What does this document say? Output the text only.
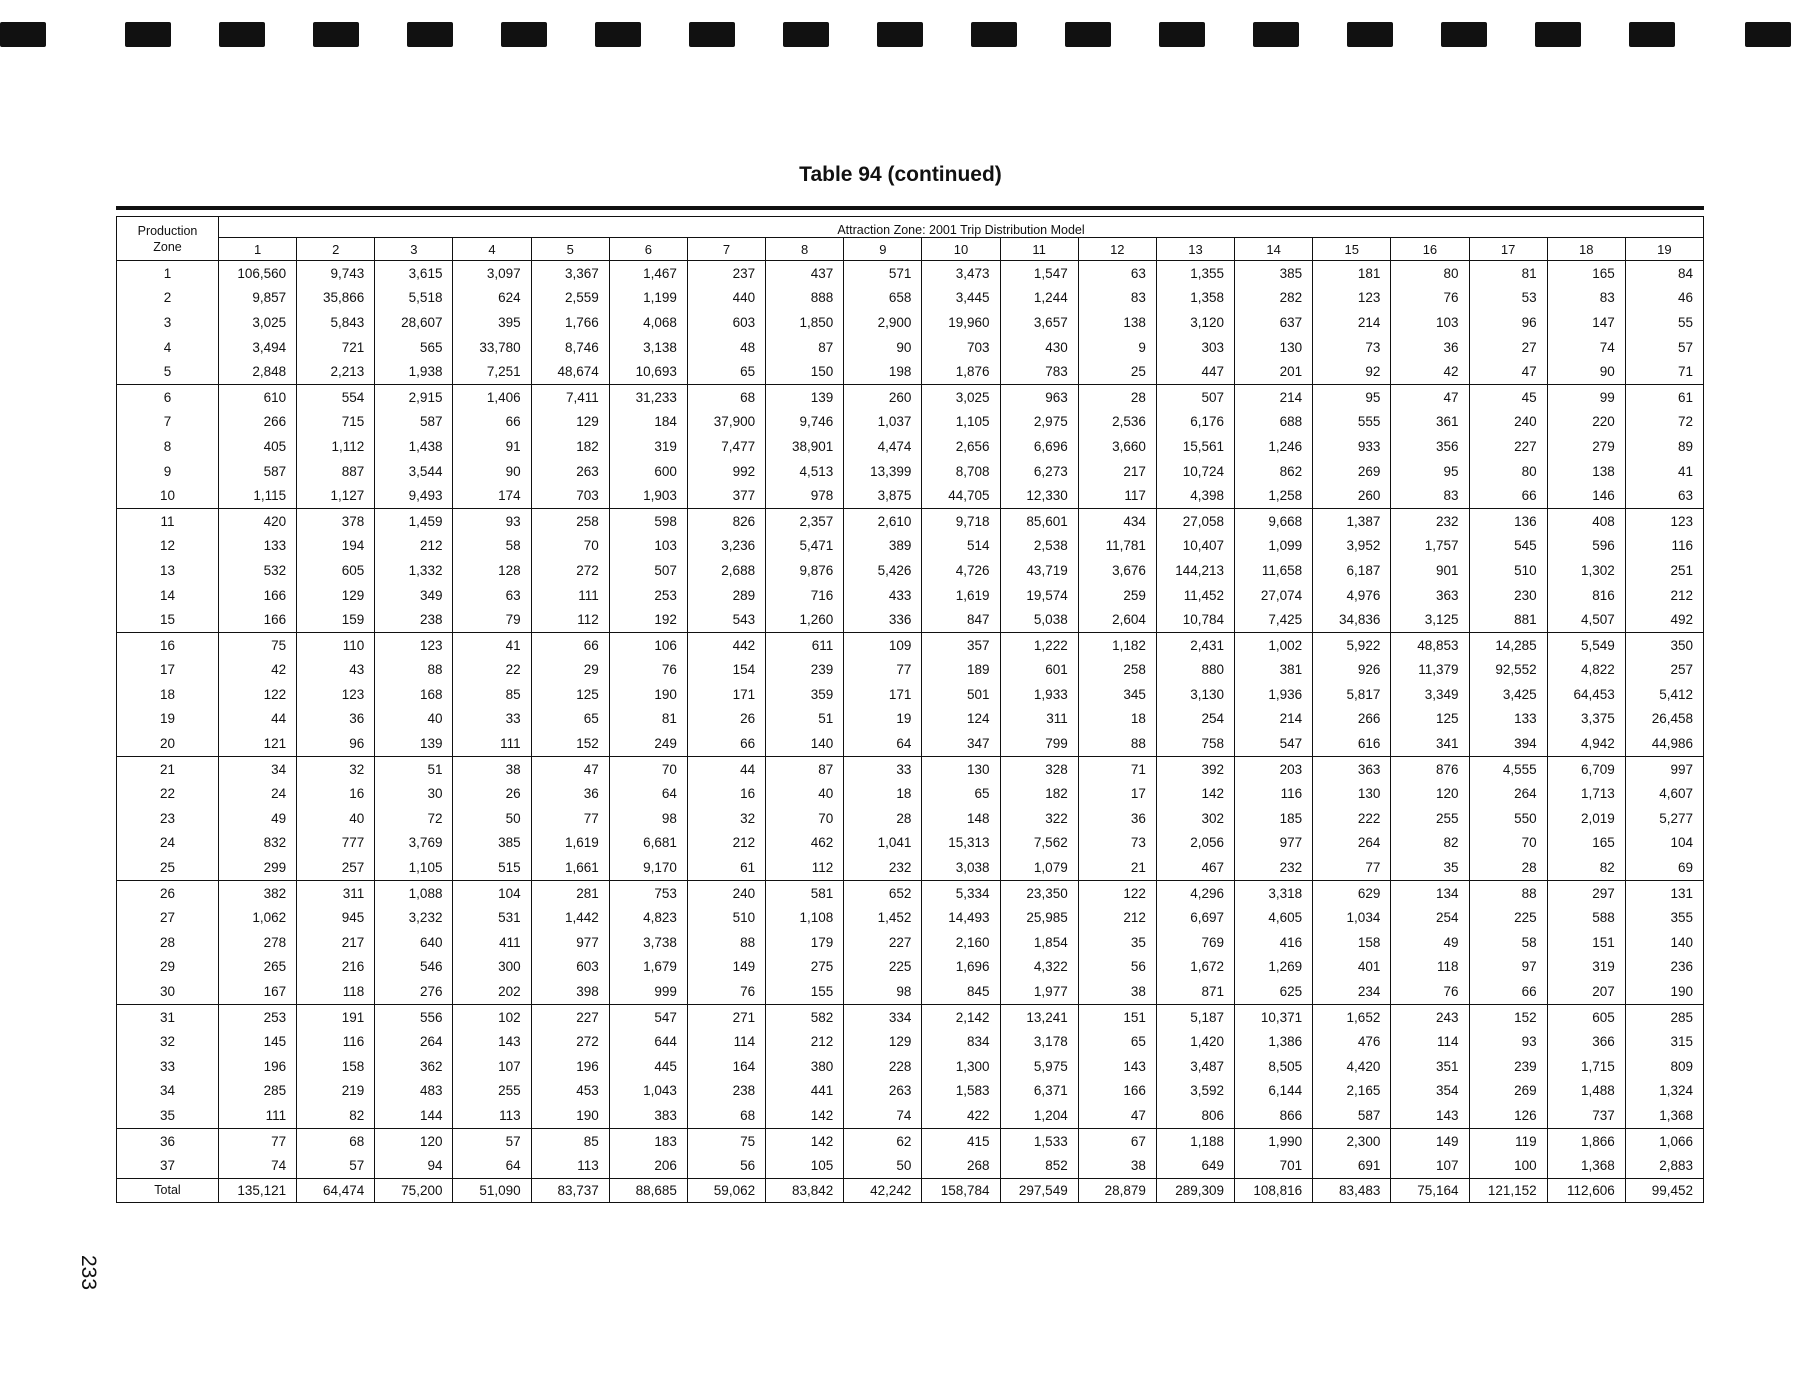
Table 94 (continued)
Production
Zone	Attraction Zone: 2001 Trip Distribution Model																		
	1	2	3	4	5	6	7	8	9	10	11	12	13	14	15	16	17	18	19
1	106,560	9,743	3,615	3,097	3,367	1,467	237	437	571	3,473	1,547	63	1,355	385	181	80	81	165	84
2	9,857	35,866	5,518	624	2,559	1,199	440	888	658	3,445	1,244	83	1,358	282	123	76	53	83	46
3	3,025	5,843	28,607	395	1,766	4,068	603	1,850	2,900	19,960	3,657	138	3,120	637	214	103	96	147	55
4	3,494	721	565	33,780	8,746	3,138	48	87	90	703	430	9	303	130	73	36	27	74	57
5	2,848	2,213	1,938	7,251	48,674	10,693	65	150	198	1,876	783	25	447	201	92	42	47	90	71
6	610	554	2,915	1,406	7,411	31,233	68	139	260	3,025	963	28	507	214	95	47	45	99	61
7	266	715	587	66	129	184	37,900	9,746	1,037	1,105	2,975	2,536	6,176	688	555	361	240	220	72
8	405	1,112	1,438	91	182	319	7,477	38,901	4,474	2,656	6,696	3,660	15,561	1,246	933	356	227	279	89
9	587	887	3,544	90	263	600	992	4,513	13,399	8,708	6,273	217	10,724	862	269	95	80	138	41
10	1,115	1,127	9,493	174	703	1,903	377	978	3,875	44,705	12,330	117	4,398	1,258	260	83	66	146	63
11	420	378	1,459	93	258	598	826	2,357	2,610	9,718	85,601	434	27,058	9,668	1,387	232	136	408	123
12	133	194	212	58	70	103	3,236	5,471	389	514	2,538	11,781	10,407	1,099	3,952	1,757	545	596	116
13	532	605	1,332	128	272	507	2,688	9,876	5,426	4,726	43,719	3,676	144,213	11,658	6,187	901	510	1,302	251
14	166	129	349	63	111	253	289	716	433	1,619	19,574	259	11,452	27,074	4,976	363	230	816	212
15	166	159	238	79	112	192	543	1,260	336	847	5,038	2,604	10,784	7,425	34,836	3,125	881	4,507	492
16	75	110	123	41	66	106	442	611	109	357	1,222	1,182	2,431	1,002	5,922	48,853	14,285	5,549	350
17	42	43	88	22	29	76	154	239	77	189	601	258	880	381	926	11,379	92,552	4,822	257
18	122	123	168	85	125	190	171	359	171	501	1,933	345	3,130	1,936	5,817	3,349	3,425	64,453	5,412
19	44	36	40	33	65	81	26	51	19	124	311	18	254	214	266	125	133	3,375	26,458
20	121	96	139	111	152	249	66	140	64	347	799	88	758	547	616	341	394	4,942	44,986
21	34	32	51	38	47	70	44	87	33	130	328	71	392	203	363	876	4,555	6,709	997
22	24	16	30	26	36	64	16	40	18	65	182	17	142	116	130	120	264	1,713	4,607
23	49	40	72	50	77	98	32	70	28	148	322	36	302	185	222	255	550	2,019	5,277
24	832	777	3,769	385	1,619	6,681	212	462	1,041	15,313	7,562	73	2,056	977	264	82	70	165	104
25	299	257	1,105	515	1,661	9,170	61	112	232	3,038	1,079	21	467	232	77	35	28	82	69
26	382	311	1,088	104	281	753	240	581	652	5,334	23,350	122	4,296	3,318	629	134	88	297	131
27	1,062	945	3,232	531	1,442	4,823	510	1,108	1,452	14,493	25,985	212	6,697	4,605	1,034	254	225	588	355
28	278	217	640	411	977	3,738	88	179	227	2,160	1,854	35	769	416	158	49	58	151	140
29	265	216	546	300	603	1,679	149	275	225	1,696	4,322	56	1,672	1,269	401	118	97	319	236
30	167	118	276	202	398	999	76	155	98	845	1,977	38	871	625	234	76	66	207	190
31	253	191	556	102	227	547	271	582	334	2,142	13,241	151	5,187	10,371	1,652	243	152	605	285
32	145	116	264	143	272	644	114	212	129	834	3,178	65	1,420	1,386	476	114	93	366	315
33	196	158	362	107	196	445	164	380	228	1,300	5,975	143	3,487	8,505	4,420	351	239	1,715	809
34	285	219	483	255	453	1,043	238	441	263	1,583	6,371	166	3,592	6,144	2,165	354	269	1,488	1,324
35	111	82	144	113	190	383	68	142	74	422	1,204	47	806	866	587	143	126	737	1,368
36	77	68	120	57	85	183	75	142	62	415	1,533	67	1,188	1,990	2,300	149	119	1,866	1,066
37	74	57	94	64	113	206	56	105	50	268	852	38	649	701	691	107	100	1,368	2,883
Total	135,121	64,474	75,200	51,090	83,737	88,685	59,062	83,842	42,242	158,784	297,549	28,879	289,309	108,816	83,483	75,164	121,152	112,606	99,452
233
